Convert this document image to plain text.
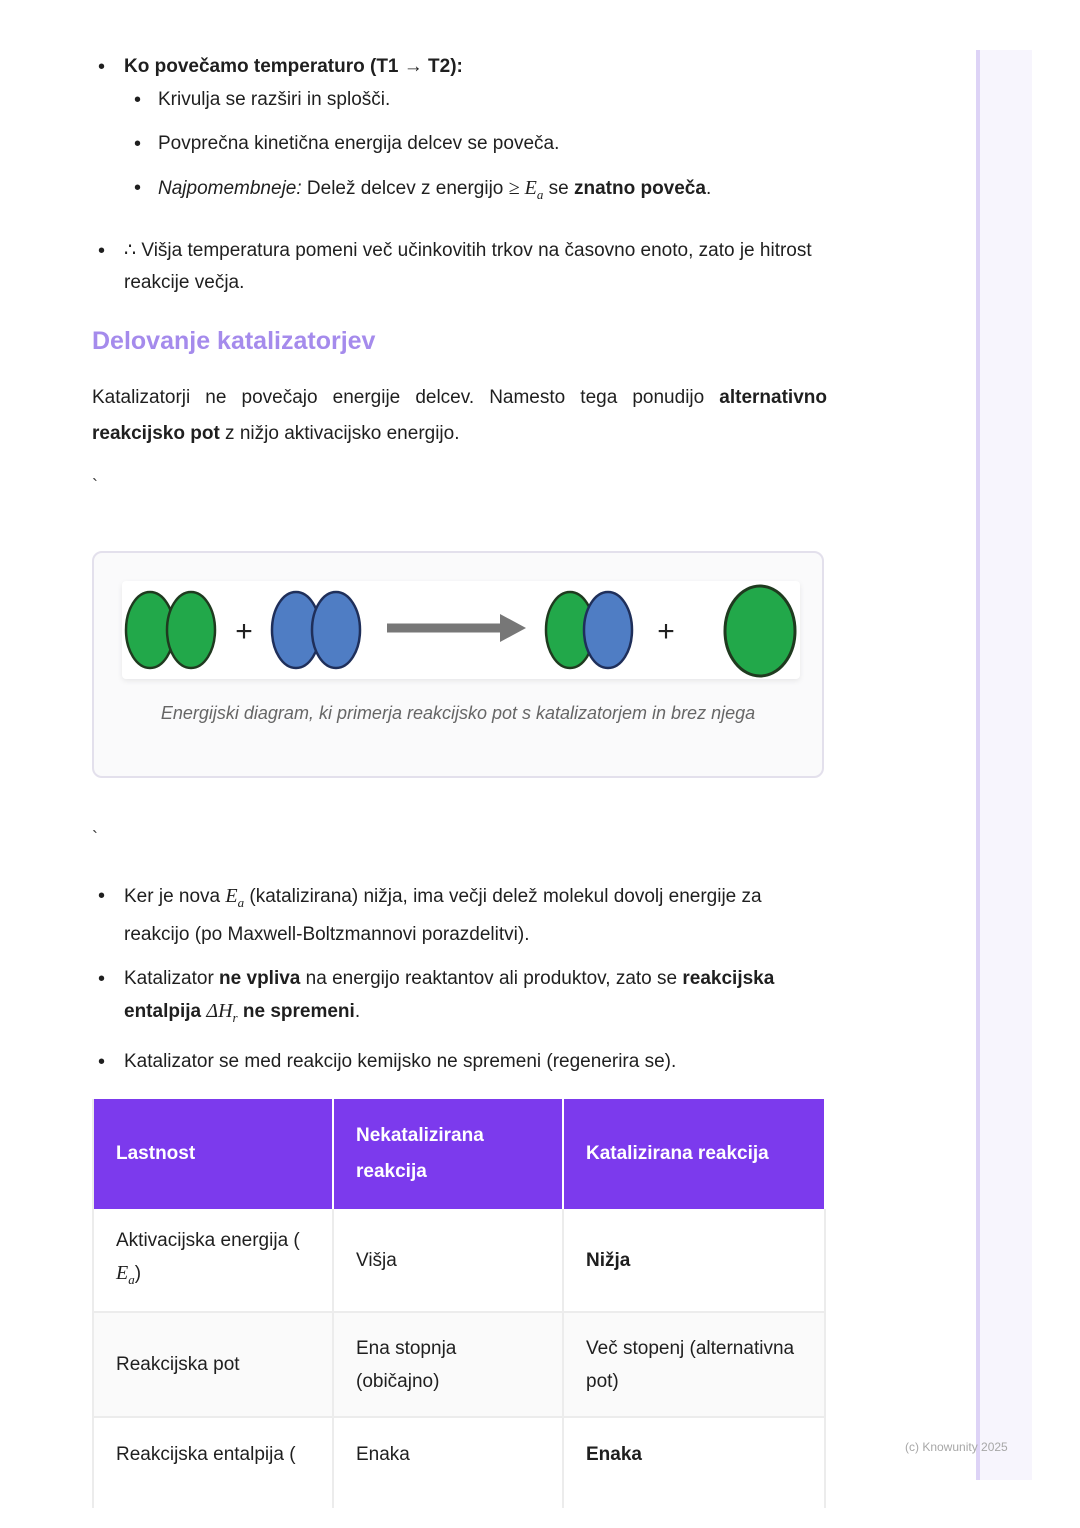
(c) Knowunity 2025
• Ko povečamo temperaturo (T1 → T2):
• Krivulja se razširi in splošči.
• Povprečna kinetična energija delcev se poveča.
• Najpomembneje: Delež delcev z energijo ≥ $E_a$ se znatno poveča.
• ∴ Višja temperatura pomeni več učinkovitih trkov na časovno enoto, zato je hitrost reakcije večja.
Delovanje katalizatorjev
Katalizatorji ne povečajo energije delcev. Namesto tega ponudijo alternativno reakcijsko pot z nižjo aktivacijsko energijo.
`
+	+
Energijski diagram, ki primerja reakcijsko pot s katalizatorjem in brez njega
`
• Ker je nova $E_a$ (katalizirana) nižja, ima večji delež molekul dovolj energije za reakcijo (po Maxwell-Boltzmannovi porazdelitvi).
• Katalizator ne vpliva na energijo reaktantov ali produktov, zato se reakcijska entalpija $\Delta H_r$ ne spremeni.
• Katalizator se med reakcijo kemijsko ne spremeni (regenerira se).
Lastnost	Nekatalizirana reakcija	Katalizirana reakcija
Aktivacijska energija (
$E_a$)	Višja	Nižja
Reakcijska pot	Ena stopnja (običajno)	Več stopenj (alternativna pot)
Reakcijska entalpija (	Enaka	Enaka
